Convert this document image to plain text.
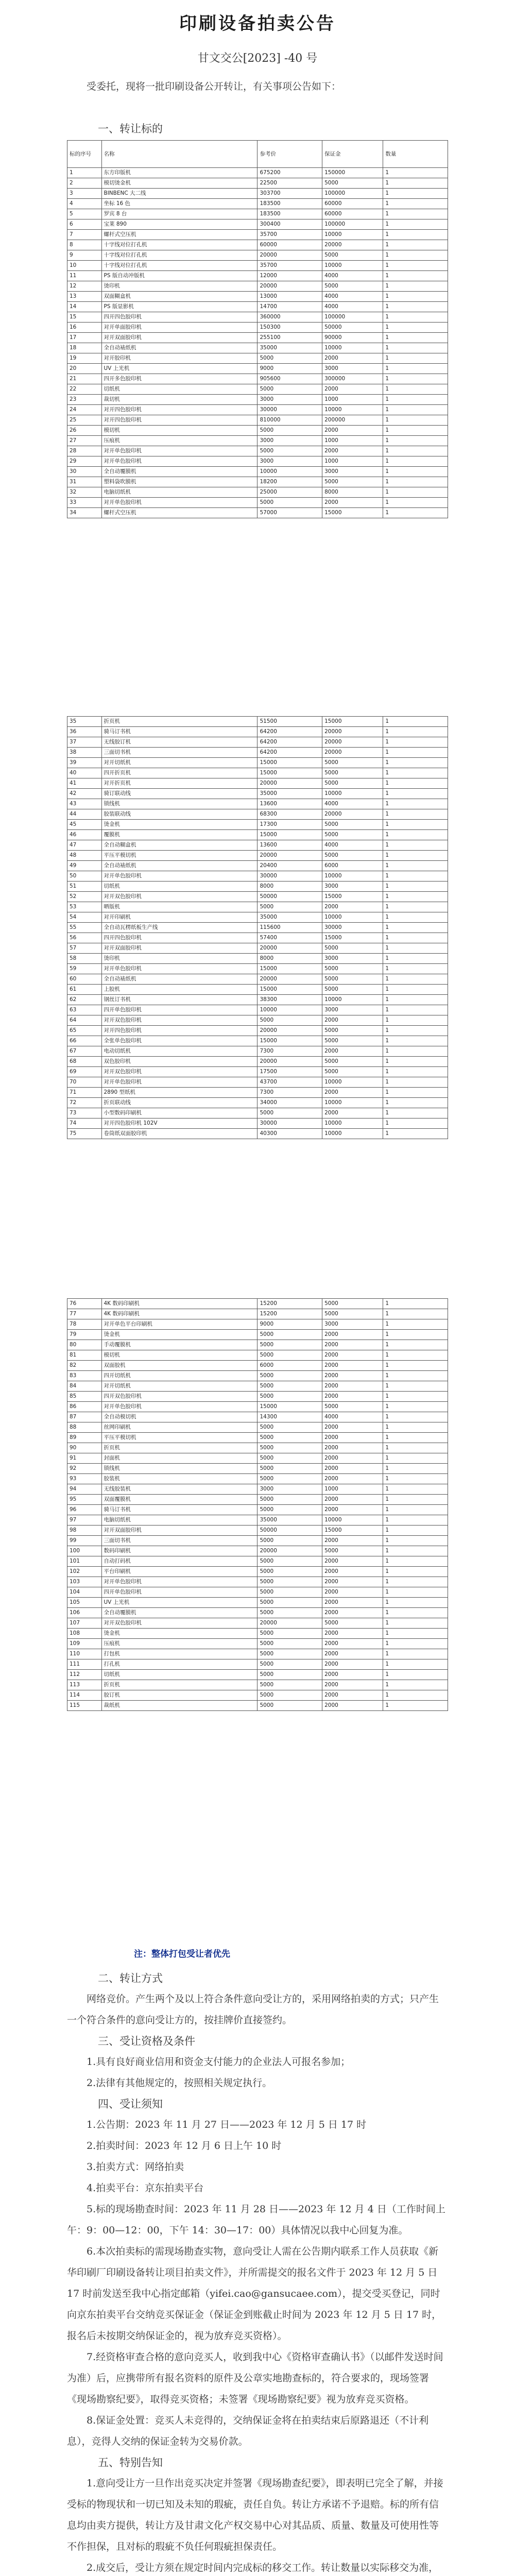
印刷设备拍卖公告
甘文交公[2023] -40 号
受委托，现将一批印刷设备公开转让，有关事项公告如下：
一、转让标的
标的序号	名称	参考价	保证金	数量
1	东方印版机	675200	150000	1
2	模切烫金机	22500	5000	1
3	BINBENC 大二线	303700	100000	1
4	坐标 16 色	183500	60000	1
5	罗宾 8 台	183500	60000	1
6	宝莱 890	300400	100000	1
7	螺杆式空压机	35700	10000	1
8	十字线对位打孔机	60000	20000	1
9	十字线对位打孔机	20000	5000	1
10	十字线对位打孔机	35700	10000	1
11	PS 版自动冲版机	12000	4000	1
12	烫印机	20000	5000	1
13	双面糊盒机	13000	4000	1
14	PS 版显影机	14700	4000	1
15	四开四色胶印机	360000	100000	1
16	对开单面胶印机	150300	50000	1
17	对开双面胶印机	255100	90000	1
18	全自动裱纸机	35000	10000	1
19	对开胶印机	5000	2000	1
20	UV 上光机	9000	3000	1
21	四开多色胶印机	905600	300000	1
22	切纸机	5000	2000	1
23	裁切机	3000	1000	1
24	对开四色胶印机	30000	10000	1
25	对开四色胶印机	810000	200000	1
26	模切机	5000	2000	1
27	压痕机	3000	1000	1
28	对开单色胶印机	5000	2000	1
29	对开单色胶印机	3000	1000	1
30	全自动覆膜机	10000	3000	1
31	塑料袋吹膜机	18200	5000	1
32	电脑切纸机	25000	8000	1
33	对开单色胶印机	5000	2000	1
34	螺杆式空压机	57000	15000	1
35	折页机	51500	15000	1
36	骑马订书机	64200	20000	1
37	无线胶订机	64200	20000	1
38	三面切书机	64200	20000	1
39	对开切纸机	15000	5000	1
40	四开折页机	15000	5000	1
41	对开折页机	20000	5000	1
42	骑订联动线	35000	10000	1
43	锁线机	13600	4000	1
44	胶装联动线	68300	20000	1
45	烫金机	17300	5000	1
46	覆膜机	15000	5000	1
47	全自动糊盒机	13600	4000	1
48	平压平模切机	20000	5000	1
49	全自动裱纸机	20400	6000	1
50	对开单色胶印机	30000	10000	1
51	切纸机	8000	3000	1
52	对开双色胶印机	50000	15000	1
53	晒版机	5000	2000	1
54	对开印刷机	35000	10000	1
55	全自动瓦楞纸板生产线	115600	30000	1
56	四开四色胶印机	57400	15000	1
57	对开双面胶印机	20000	5000	1
58	烫印机	8000	3000	1
59	对开单色胶印机	15000	5000	1
60	全自动裱纸机	20000	5000	1
61	上胶机	15000	5000	1
62	钢丝订书机	38300	10000	1
63	四开单色胶印机	10000	3000	1
64	对开双色胶印机	5000	2000	1
65	对开四色胶印机	20000	5000	1
66	全张单色胶印机	15000	5000	1
67	电动切纸机	7300	2000	1
68	双色胶印机	20000	5000	1
69	对开双色胶印机	17500	5000	1
70	对开单色胶印机	43700	10000	1
71	2890 型纸机	7300	2000	1
72	折页联动线	34000	10000	1
73	小型数码印刷机	5000	2000	1
74	对开四色胶印机 102V	30000	10000	1
75	卷筒纸双面胶印机	40300	10000	1
76	4K 数码印刷机	15200	5000	1
77	4K 数码印刷机	15200	5000	1
78	对开单色平台印刷机	9000	3000	1
79	烫金机	5000	2000	1
80	手动覆膜机	5000	2000	1
81	模切机	5000	2000	1
82	双面胶机	6000	2000	1
83	四开切纸机	5000	2000	1
84	对开切纸机	5000	2000	1
85	四开双色胶印机	5000	2000	1
86	对开单色胶印机	15000	5000	1
87	全自动模切机	14300	4000	1
88	丝网印刷机	5000	2000	1
89	平压平模切机	5000	2000	1
90	折页机	5000	2000	1
91	封面机	5000	2000	1
92	锁线机	5000	2000	1
93	胶装机	5000	2000	1
94	无线胶装机	3000	1000	1
95	双面覆膜机	5000	2000	1
96	骑马订书机	5000	2000	1
97	电脑切纸机	35000	10000	1
98	对开双面胶印机	50000	15000	1
99	三面切书机	5000	2000	1
100	数码印刷机	20000	5000	1
101	自动打码机	5000	2000	1
102	平台印刷机	5000	2000	1
103	对开单色胶印机	5000	2000	1
104	四开单色胶印机	5000	2000	1
105	UV 上光机	5000	2000	1
106	全自动覆膜机	5000	2000	1
107	对开双色胶印机	20000	5000	1
108	烫金机	5000	2000	1
109	压痕机	5000	2000	1
110	打包机	5000	2000	1
111	打孔机	5000	2000	1
112	切纸机	5000	2000	1
113	折页机	5000	2000	1
114	胶订机	5000	2000	1
115	裁纸机	5000	2000	1
注：整体打包受让者优先
二、转让方式
网络竞价。产生两个及以上符合条件意向受让方的，采用网络拍卖的方式；只产生一个符合条件的意向受让方的，按挂牌价直接签约。
三、受让资格及条件
1.具有良好商业信用和资金支付能力的企业法人可报名参加；
2.法律有其他规定的，按照相关规定执行。
四、受让须知
1.公告期：2023 年 11 月 27 日——2023 年 12 月 5 日 17 时
2.拍卖时间：2023 年 12 月 6 日上午 10 时
3.拍卖方式：网络拍卖
4.拍卖平台：京东拍卖平台
5.标的现场勘查时间：2023 年 11 月 28 日——2023 年 12 月 4 日（工作时间上午：9：00—12：00，下午 14：30—17：00）具体情况以我中心回复为准。
6.本次拍卖标的需现场勘查实物，意向受让人需在公告期内联系工作人员获取《新华印刷厂印刷设备转让项目拍卖文件》，并所需提交的报名文件于 2023 年 12 月 5 日 17 时前发送至我中心指定邮箱（yifei.cao@gansucaee.com），提交受买登记，同时向京东拍卖平台交纳竞买保证金（保证金到账截止时间为 2023 年 12 月 5 日 17 时，报名后未按期交纳保证金的，视为放弃竞买资格）。
7.经资格审查合格的意向竞买人，收到我中心《资格审查确认书》（以邮件发送时间为准）后，应携带所有报名资料的原件及公章实地勘查标的，符合要求的，现场签署《现场勘察纪要》，取得竞买资格；未签署《现场勘察纪要》视为放弃竞买资格。
8.保证金处置：竞买人未竞得的，交纳保证金将在拍卖结束后原路退还（不计利息），竞得人交纳的保证金转为交易价款。
五、特别告知
1.意向受让方一旦作出竞买决定并签署《现场勘查纪要》，即表明已完全了解，并接受标的物现状和一切已知及未知的瑕疵，责任自负。转让方承诺不予退赔。标的所有信息均由卖方提供，转让方及甘肃文化产权交易中心对其品质、质量、数量及可使用性等不作担保，且对标的瑕疵不负任何瑕疵担保责任。
2.成交后，受让方须在规定时间内完成标的移交工作。转让数量以实际移交为准，
